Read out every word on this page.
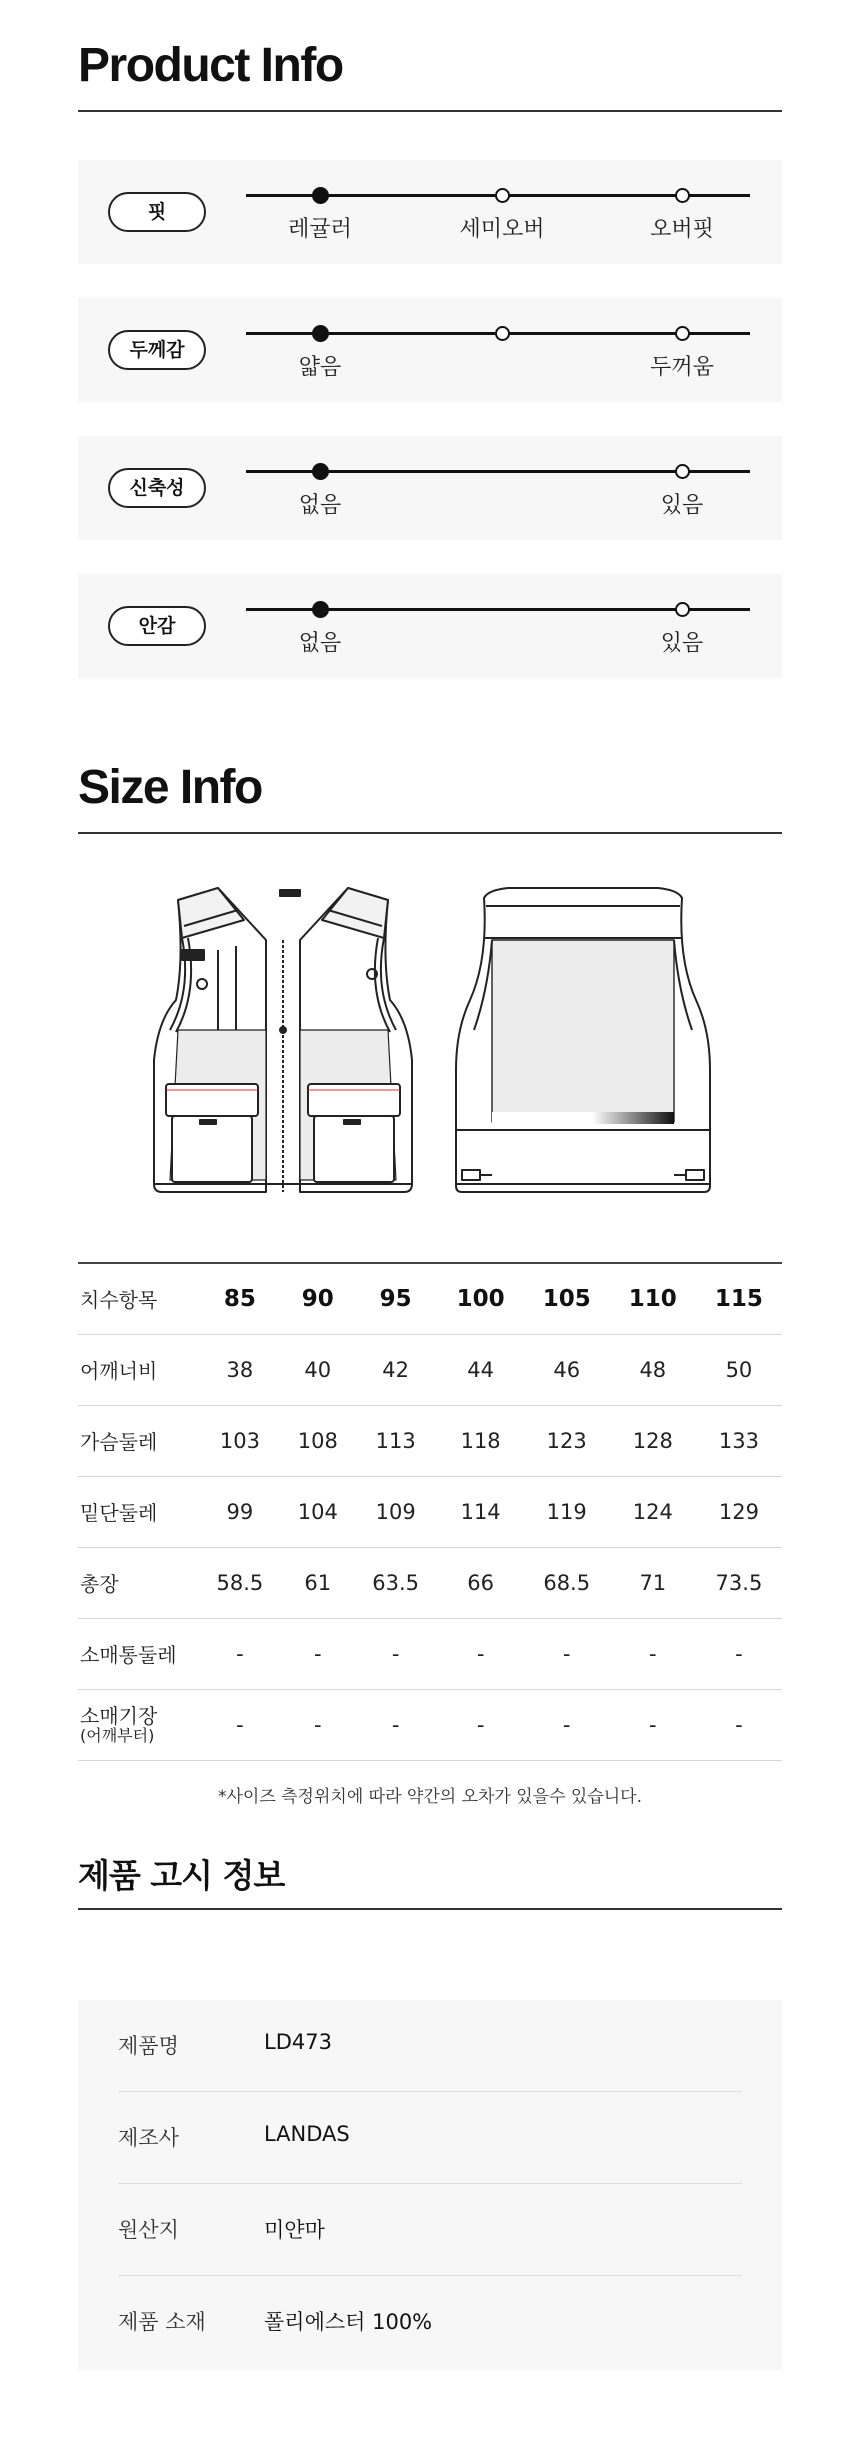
Product Info
핏
레귤러	세미오버	오버핏
두께감
얇음	두꺼움
신축성
없음	있음
안감
없음	있음
Size Info
치수항목	85	90	95	100	105	110	115
어깨너비	38	40	42	44	46	48	50
가슴둘레	103	108	113	118	123	128	133
밑단둘레	99	104	109	114	119	124	129
총장	58.5	61	63.5	66	68.5	71	73.5
소매통둘레	-	-	-	-	-	-	-
소매기장
(어깨부터)	-	-	-	-	-	-	-
*사이즈 측정위치에 따라 약간의 오차가 있을수 있습니다.
제품 고시 정보
제품명	LD473
제조사	LANDAS
원산지	미얀마
제품 소재	폴리에스터 100%
